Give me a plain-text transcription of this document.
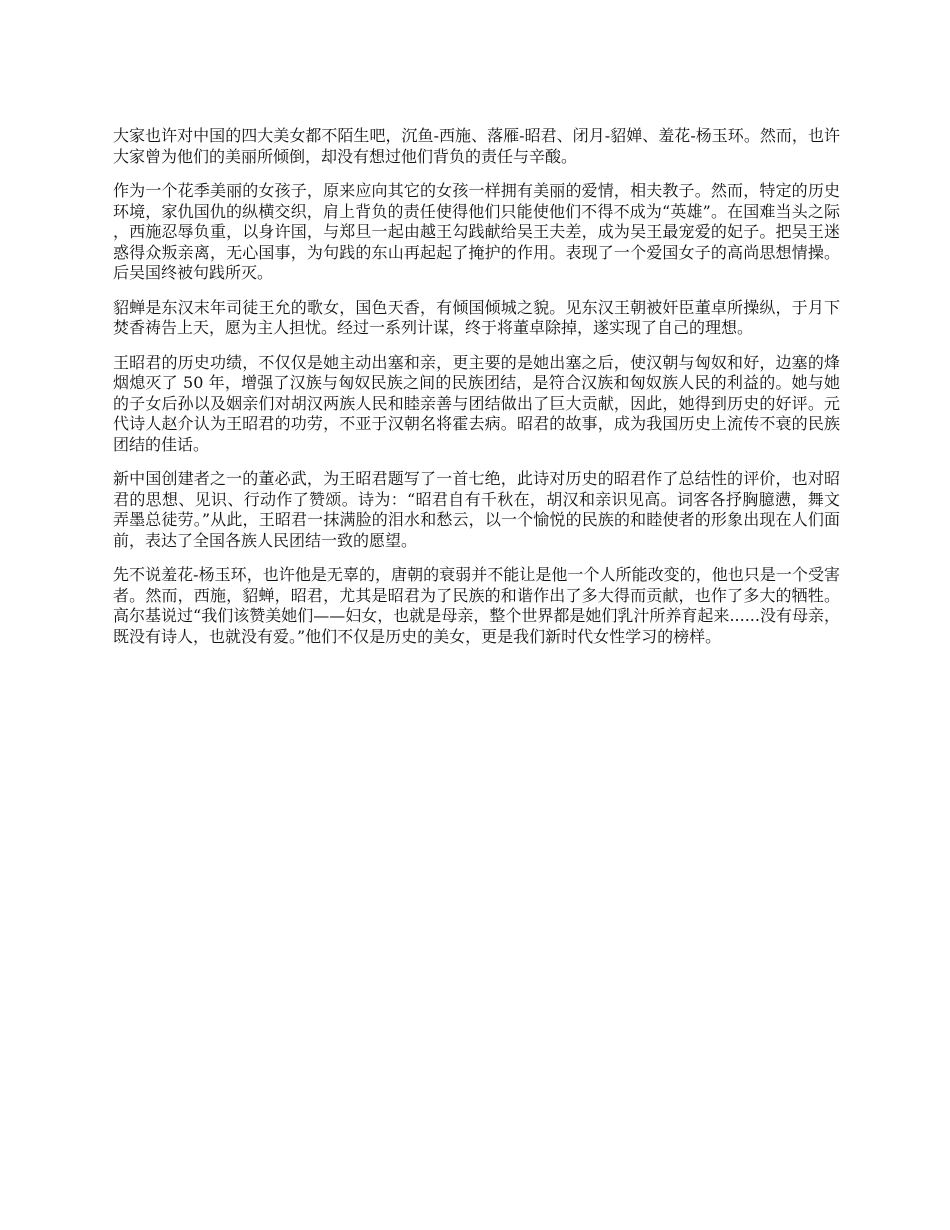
大家也许对中国的四大美女都不陌生吧，沉鱼-西施、落雁-昭君、闭月-貂婵、羞花-杨玉环。然而，也许大家曾为他们的美丽所倾倒，却没有想过他们背负的责任与辛酸。

作为一个花季美丽的女孩子，原来应向其它的女孩一样拥有美丽的爱情，相夫教子。然而，特定的历史环境，家仇国仇的纵横交织，肩上背负的责任使得他们只能使他们不得不成为“英雄”。在国难当头之际，西施忍辱负重，以身许国，与郑旦一起由越王勾践献给吴王夫差，成为吴王最宠爱的妃子。把吴王迷惑得众叛亲离，无心国事，为句践的东山再起起了掩护的作用。表现了一个爱国女子的高尚思想情操。后吴国终被句践所灭。

貂蝉是东汉末年司徒王允的歌女，国色天香，有倾国倾城之貌。见东汉王朝被奸臣董卓所操纵，于月下焚香祷告上天，愿为主人担忧。经过一系列计谋，终于将董卓除掉，遂实现了自己的理想。

王昭君的历史功绩，不仅仅是她主动出塞和亲，更主要的是她出塞之后，使汉朝与匈奴和好，边塞的烽烟熄灭了 50 年，增强了汉族与匈奴民族之间的民族团结，是符合汉族和匈奴族人民的利益的。她与她的子女后孙以及姻亲们对胡汉两族人民和睦亲善与团结做出了巨大贡献，因此，她得到历史的好评。元代诗人赵介认为王昭君的功劳，不亚于汉朝名将霍去病。昭君的故事，成为我国历史上流传不衰的民族团结的佳话。

新中国创建者之一的董必武，为王昭君题写了一首七绝，此诗对历史的昭君作了总结性的评价，也对昭君的思想、见识、行动作了赞颂。诗为：“昭君自有千秋在，胡汉和亲识见高。词客各抒胸臆懑，舞文弄墨总徒劳。”从此，王昭君一抹满脸的泪水和愁云，以一个愉悦的民族的和睦使者的形象出现在人们面前，表达了全国各族人民团结一致的愿望。

先不说羞花-杨玉环，也许他是无辜的，唐朝的衰弱并不能让是他一个人所能改变的，他也只是一个受害者。然而，西施，貂蝉，昭君，尤其是昭君为了民族的和谐作出了多大得而贡献，也作了多大的牺牲。高尔基说过“我们该赞美她们——妇女，也就是母亲，整个世界都是她们乳汁所养育起来......没有母亲，既没有诗人，也就没有爱。”他们不仅是历史的美女，更是我们新时代女性学习的榜样。
